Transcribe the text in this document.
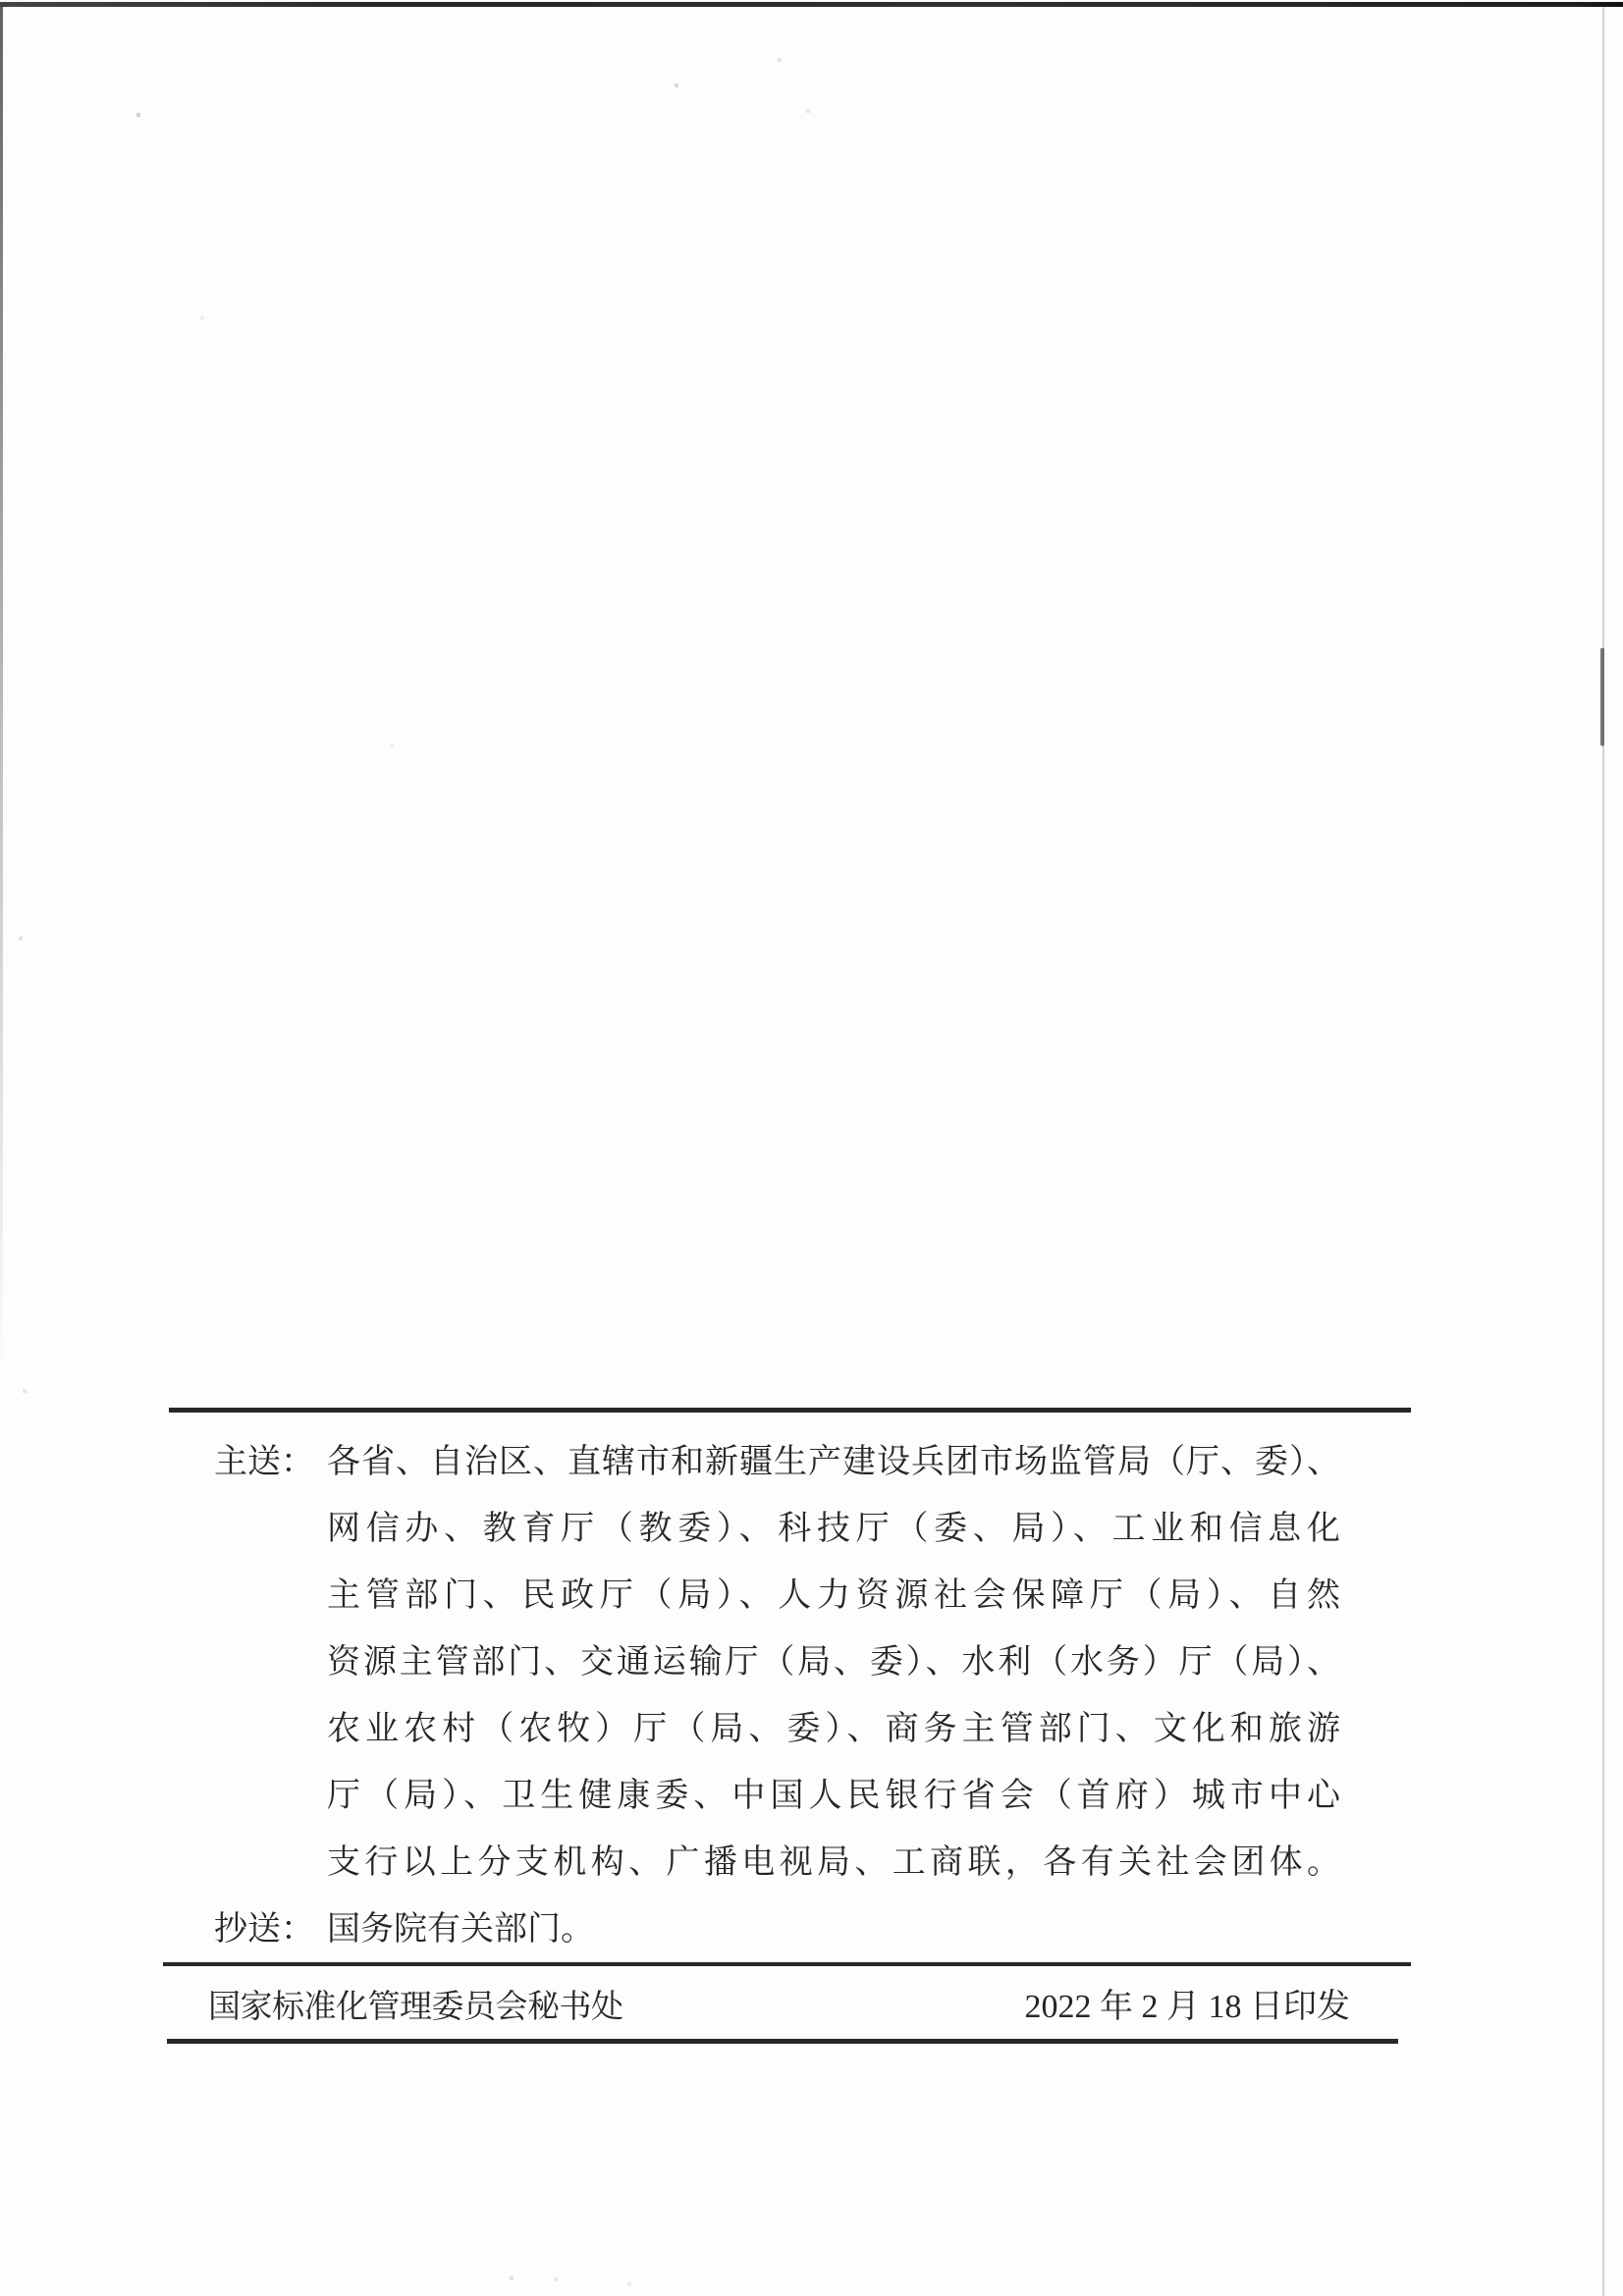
主送： 各省、自治区、直辖市和新疆生产建设兵团市场监管局（厅、委）、
网信办、教育厅（教委）、科技厅（委、局）、工业和信息化
主管部门、民政厅（局）、人力资源社会保障厅（局）、自然
资源主管部门、交通运输厅（局、委）、水利（水务）厅（局）、
农业农村（农牧）厅（局、委）、商务主管部门、文化和旅游
厅（局）、卫生健康委、中国人民银行省会（首府）城市中心
支行以上分支机构、广播电视局、工商联，各有关社会团体。
抄送： 国务院有关部门。
国家标准化管理委员会秘书处	2022 年 2 月 18 日印发
